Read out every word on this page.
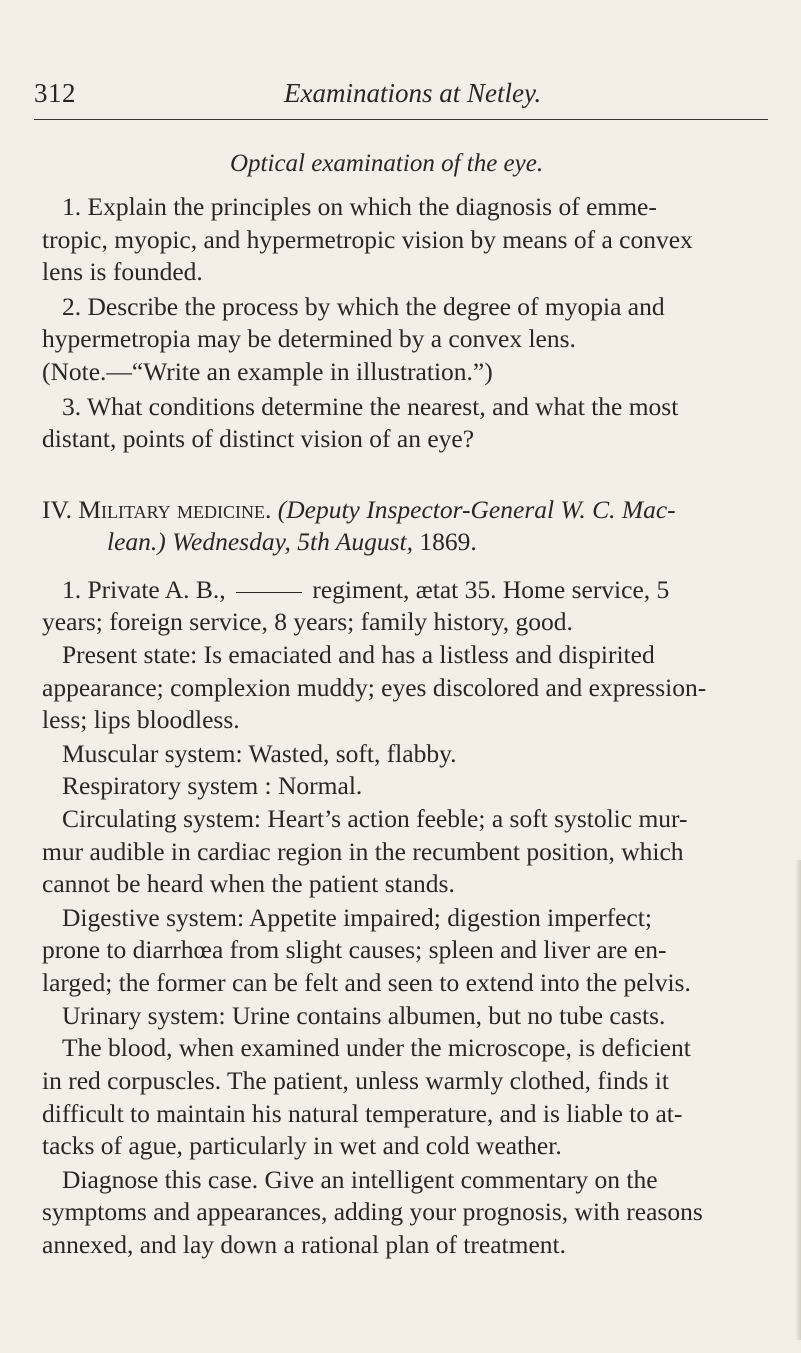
312	Examinations at Netley.
Optical examination of the eye.
1. Explain the principles on which the diagnosis of emme-
tropic, myopic, and hypermetropic vision by means of a convex
lens is founded.
2. Describe the process by which the degree of myopia and
hypermetropia may be determined by a convex lens.
(Note.—“Write an example in illustration.”)
3. What conditions determine the nearest, and what the most
distant, points of distinct vision of an eye?
IV. Military medicine. (Deputy Inspector-General W. C. Mac-
lean.) Wednesday, 5th August, 1869.
1. Private A. B.,	regiment, ætat 35. Home service, 5
years; foreign service, 8 years; family history, good.
Present state: Is emaciated and has a listless and dispirited
appearance; complexion muddy; eyes discolored and expression-
less; lips bloodless.
Muscular system: Wasted, soft, flabby.
Respiratory system : Normal.
Circulating system: Heart’s action feeble; a soft systolic mur-
mur audible in cardiac region in the recumbent position, which
cannot be heard when the patient stands.
Digestive system: Appetite impaired; digestion imperfect;
prone to diarrhœa from slight causes; spleen and liver are en-
larged; the former can be felt and seen to extend into the pelvis.
Urinary system: Urine contains albumen, but no tube casts.
The blood, when examined under the microscope, is deficient
in red corpuscles. The patient, unless warmly clothed, finds it
difficult to maintain his natural temperature, and is liable to at-
tacks of ague, particularly in wet and cold weather.
Diagnose this case. Give an intelligent commentary on the
symptoms and appearances, adding your prognosis, with reasons
annexed, and lay down a rational plan of treatment.
